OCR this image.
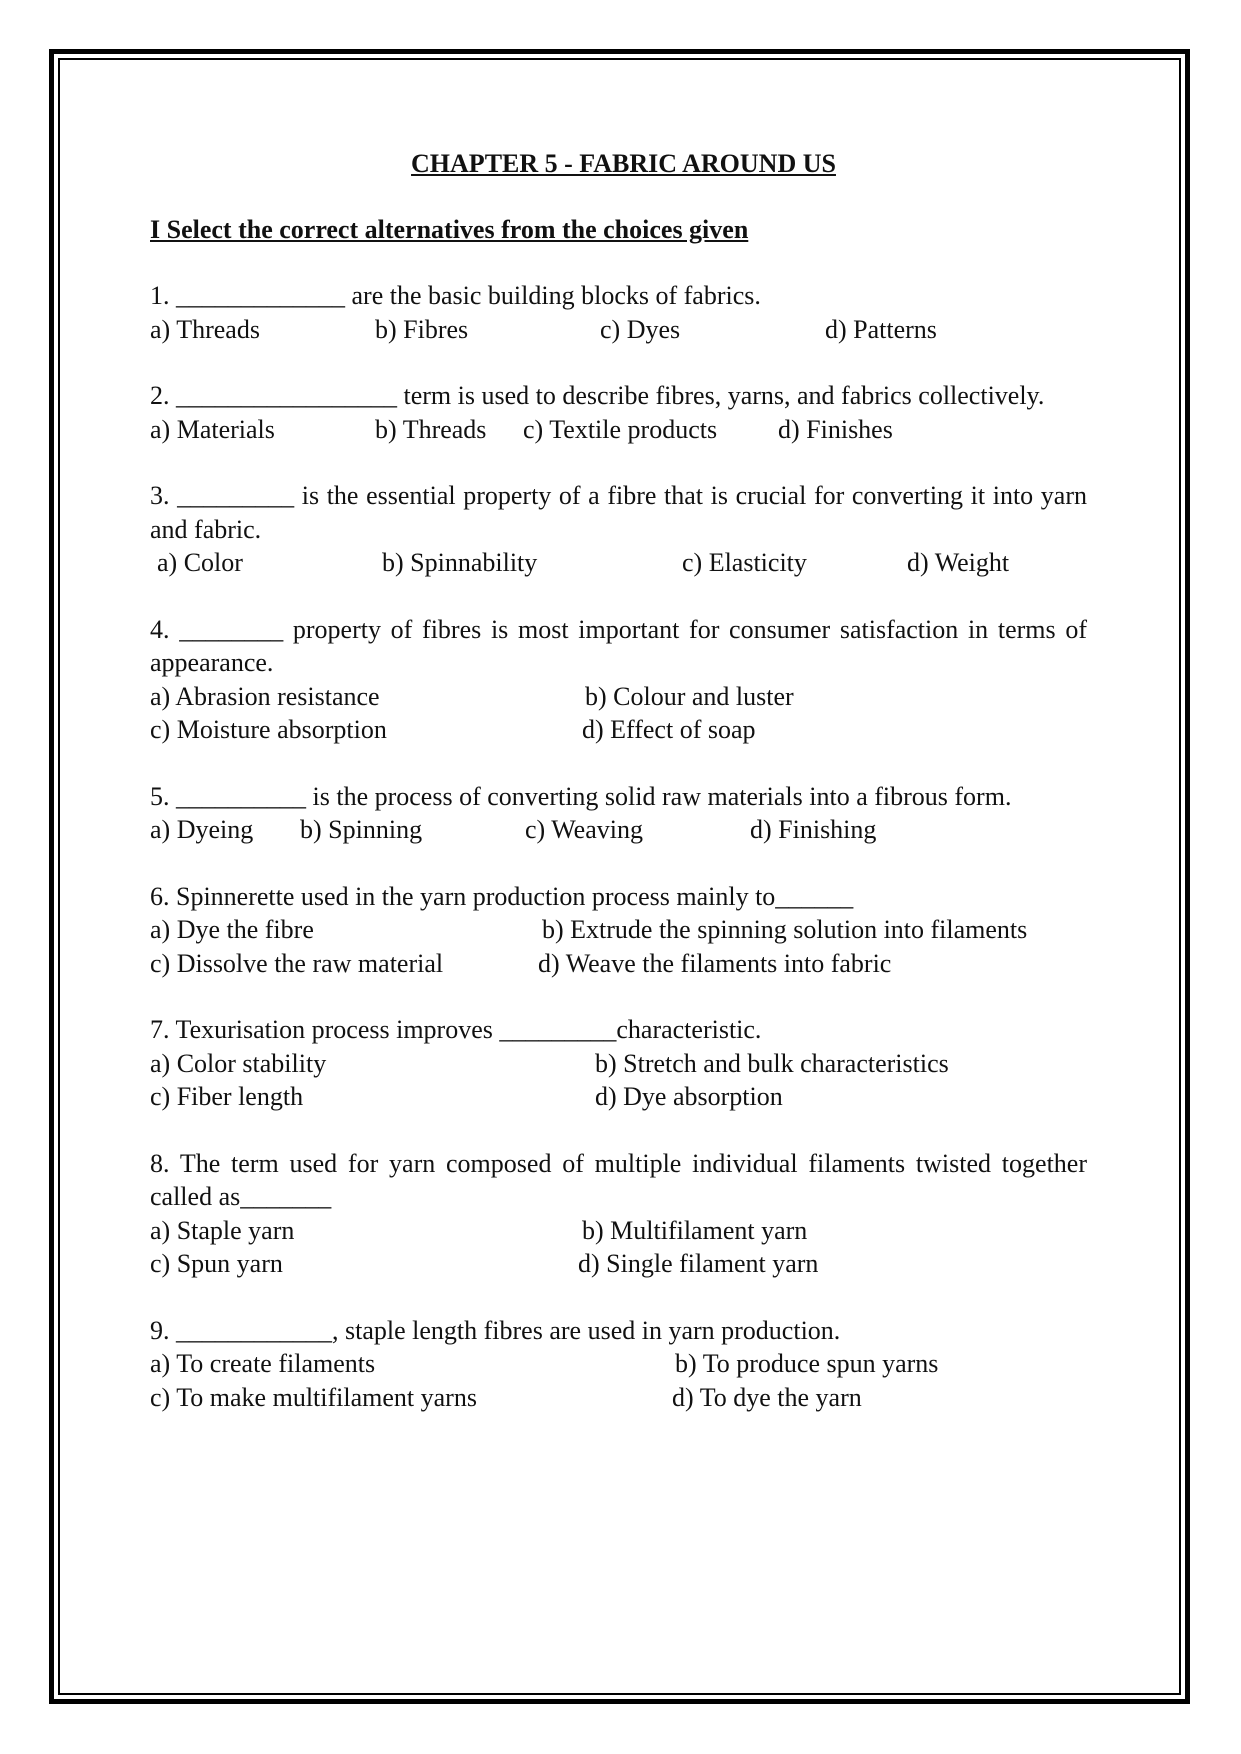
CHAPTER 5 - FABRIC AROUND US

I Select the correct alternatives from the choices given

1. _____________ are the basic building blocks of fabrics.
a) Threads	b) Fibres	c) Dyes	d) Patterns
2. _________________ term is used to describe fibres, yarns, and fabrics collectively.
a) Materials	b) Threads c) Textile products d) Finishes
3. _________ is the essential property of a fibre that is crucial for converting it into yarn and fabric.
a) Color	b) Spinnability	c) Elasticity	d) Weight
4. ________ property of fibres is most important for consumer satisfaction in terms of appearance.
a) Abrasion resistance	b) Colour and luster
c) Moisture absorption	d) Effect of soap
5. __________ is the process of converting solid raw materials into a fibrous form.
a) Dyeing b) Spinning	c) Weaving	d) Finishing
6. Spinnerette used in the yarn production process mainly to______
a) Dye the fibre	b) Extrude the spinning solution into filaments
c) Dissolve the raw material	d) Weave the filaments into fabric
7. Texurisation process improves _________characteristic.
a) Color stability	b) Stretch and bulk characteristics
c) Fiber length	d) Dye absorption
8. The term used for yarn composed of multiple individual filaments twisted together called as_______
a) Staple yarn	b) Multifilament yarn
c) Spun yarn	d) Single filament yarn
9. ____________, staple length fibres are used in yarn production.
a) To create filaments	b) To produce spun yarns
c) To make multifilament yarns	d) To dye the yarn
